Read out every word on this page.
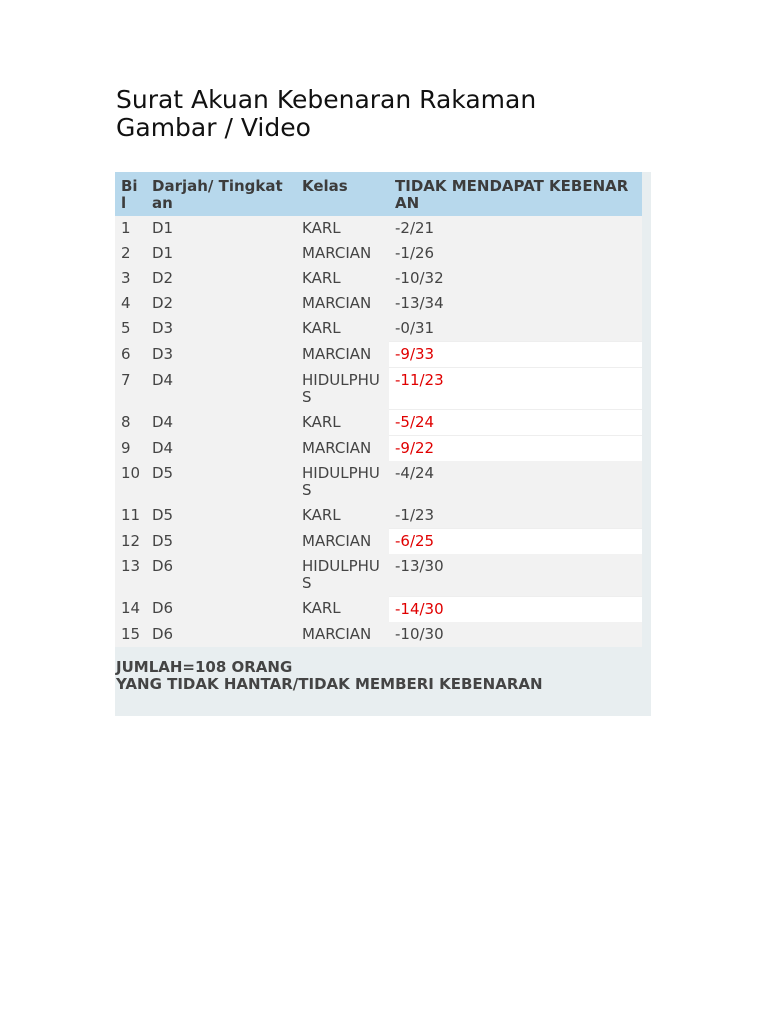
Surat Akuan Kebenaran Rakaman Gambar / Video
Bi l	Darjah/ Tingkatan	Kelas	TIDAK MENDAPAT KEBENARAN
1	D1	KARL	-2/21
2	D1	MARCIAN	-1/26
3	D2	KARL	-10/32
4	D2	MARCIAN	-13/34
5	D3	KARL	-0/31
6	D3	MARCIAN	-9/33
7	D4	HIDULPHUS	-11/23
8	D4	KARL	-5/24
9	D4	MARCIAN	-9/22
10	D5	HIDULPHUS	-4/24
11	D5	KARL	-1/23
12	D5	MARCIAN	-6/25
13	D6	HIDULPHUS	-13/30
14	D6	KARL	-14/30
15	D6	MARCIAN	-10/30
JUMLAH=108 ORANG
YANG TIDAK HANTAR/TIDAK MEMBERI KEBENARAN
